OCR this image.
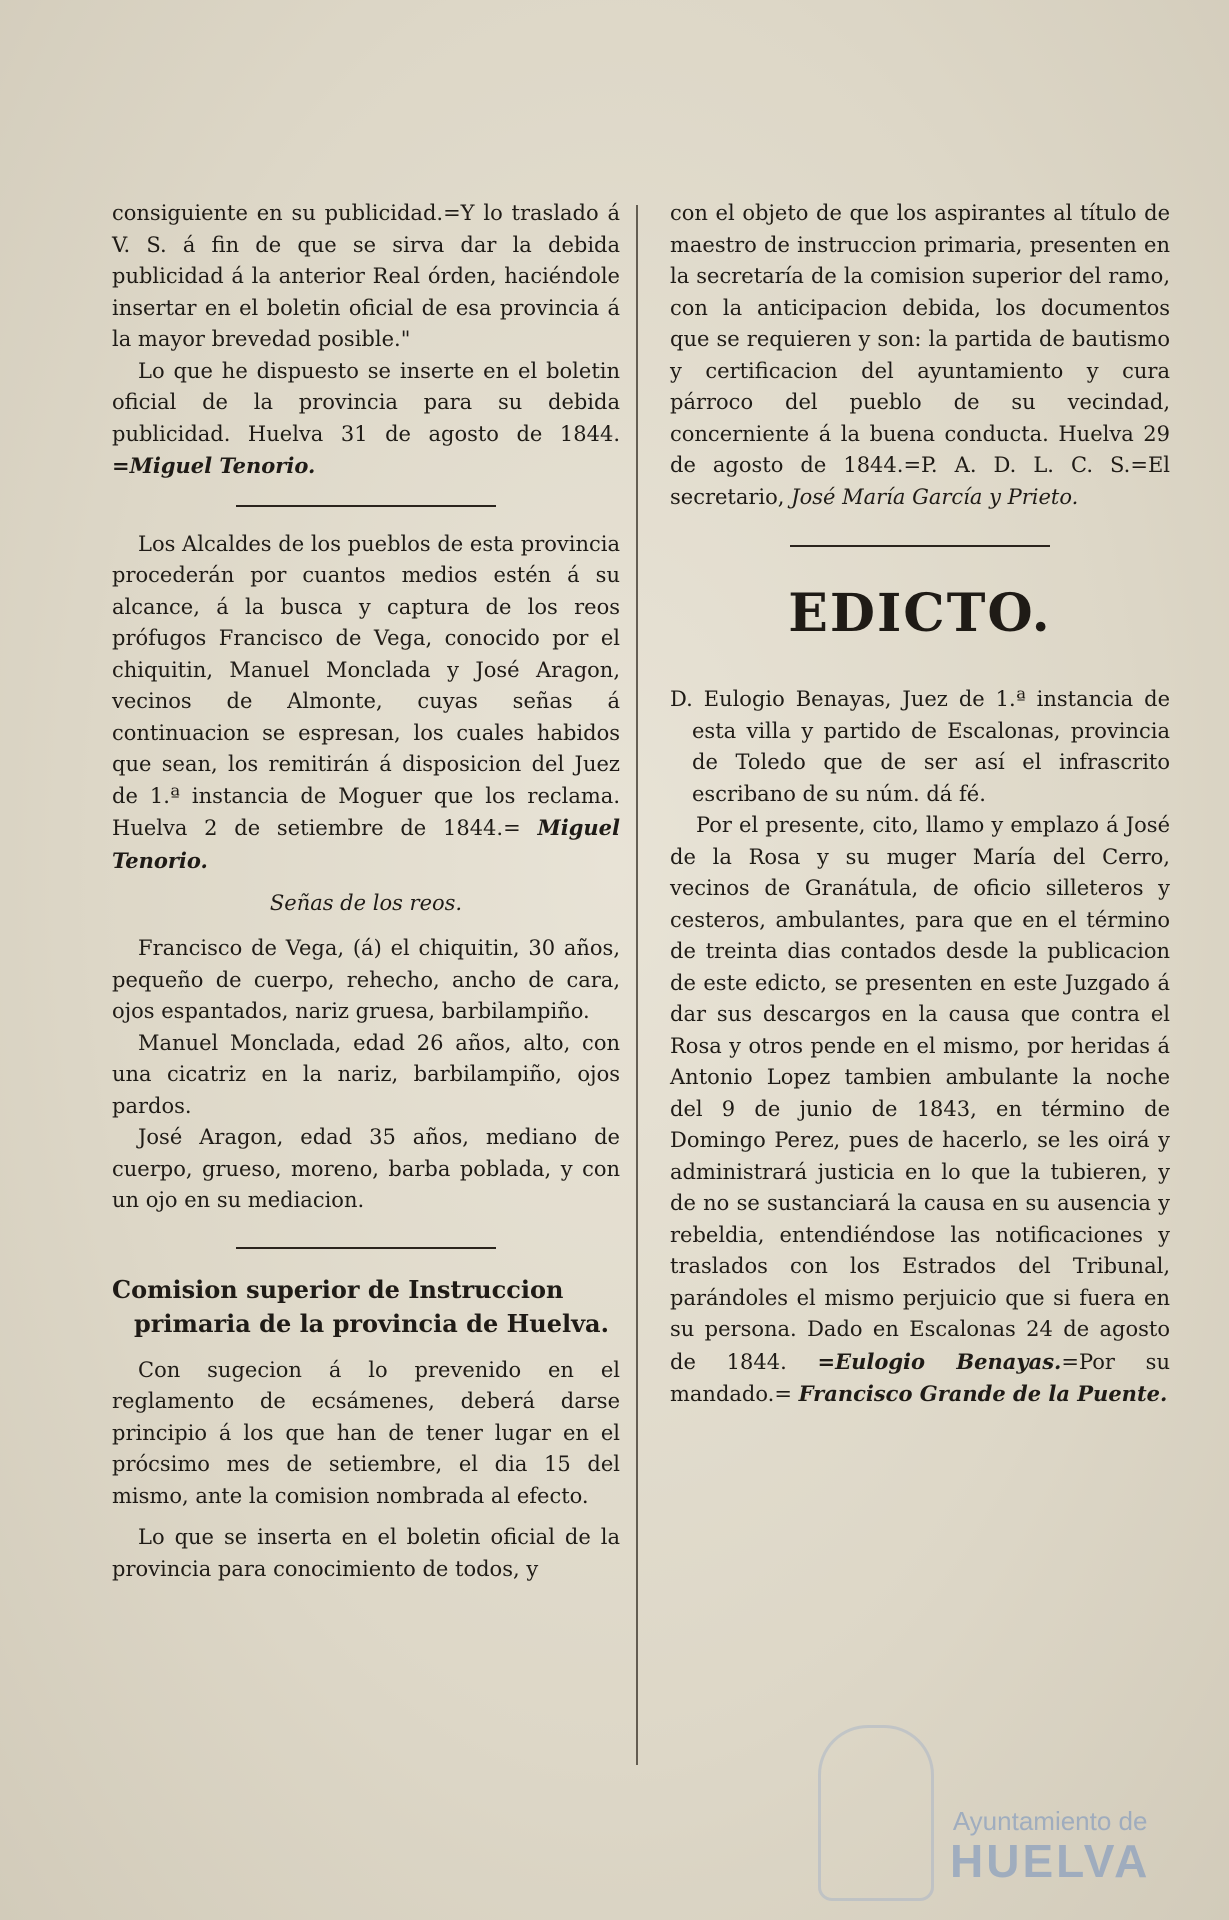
consiguiente en su publicidad.=Y lo traslado á V. S. á fin de que se sirva dar la debida publicidad á la anterior Real órden, haciéndole insertar en el boletin oficial de esa provincia á la mayor brevedad posible."

Lo que he dispuesto se inserte en el boletin oficial de la provincia para su debida publicidad. Huelva 31 de agosto de 1844. =Miguel Tenorio.

Los Alcaldes de los pueblos de esta provincia procederán por cuantos medios estén á su alcance, á la busca y captura de los reos prófugos Francisco de Vega, conocido por el chiquitin, Manuel Monclada y José Aragon, vecinos de Almonte, cuyas señas á continuacion se espresan, los cuales habidos que sean, los remitirán á disposicion del Juez de 1.ª instancia de Moguer que los reclama. Huelva 2 de setiembre de 1844.= Miguel Tenorio.

Señas de los reos.

Francisco de Vega, (á) el chiquitin, 30 años, pequeño de cuerpo, rehecho, ancho de cara, ojos espantados, nariz gruesa, barbilampiño.

Manuel Monclada, edad 26 años, alto, con una cicatriz en la nariz, barbilampiño, ojos pardos.

José Aragon, edad 35 años, mediano de cuerpo, grueso, moreno, barba poblada, y con un ojo en su mediacion.

Comision superior de Instruccion primaria de la provincia de Huelva.

Con sugecion á lo prevenido en el reglamento de ecsámenes, deberá darse principio á los que han de tener lugar en el prócsimo mes de setiembre, el dia 15 del mismo, ante la comision nombrada al efecto.

Lo que se inserta en el boletin oficial de la provincia para conocimiento de todos, y

con el objeto de que los aspirantes al título de maestro de instruccion primaria, presenten en la secretaría de la comision superior del ramo, con la anticipacion debida, los documentos que se requieren y son: la partida de bautismo y certificacion del ayuntamiento y cura párroco del pueblo de su vecindad, concerniente á la buena conducta. Huelva 29 de agosto de 1844.=P. A. D. L. C. S.=El secretario, José María García y Prieto.

EDICTO.

D. Eulogio Benayas, Juez de 1.ª instancia de esta villa y partido de Escalonas, provincia de Toledo que de ser así el infrascrito escribano de su núm. dá fé.

Por el presente, cito, llamo y emplazo á José de la Rosa y su muger María del Cerro, vecinos de Granátula, de oficio silleteros y cesteros, ambulantes, para que en el término de treinta dias contados desde la publicacion de este edicto, se presenten en este Juzgado á dar sus descargos en la causa que contra el Rosa y otros pende en el mismo, por heridas á Antonio Lopez tambien ambulante la noche del 9 de junio de 1843, en término de Domingo Perez, pues de hacerlo, se les oirá y administrará justicia en lo que la tubieren, y de no se sustanciará la causa en su ausencia y rebeldia, entendiéndose las notificaciones y traslados con los Estrados del Tribunal, parándoles el mismo perjuicio que si fuera en su persona. Dado en Escalonas 24 de agosto de 1844. =Eulogio Benayas.=Por su mandado.= Francisco Grande de la Puente.

Ayuntamiento de
HUELVA
